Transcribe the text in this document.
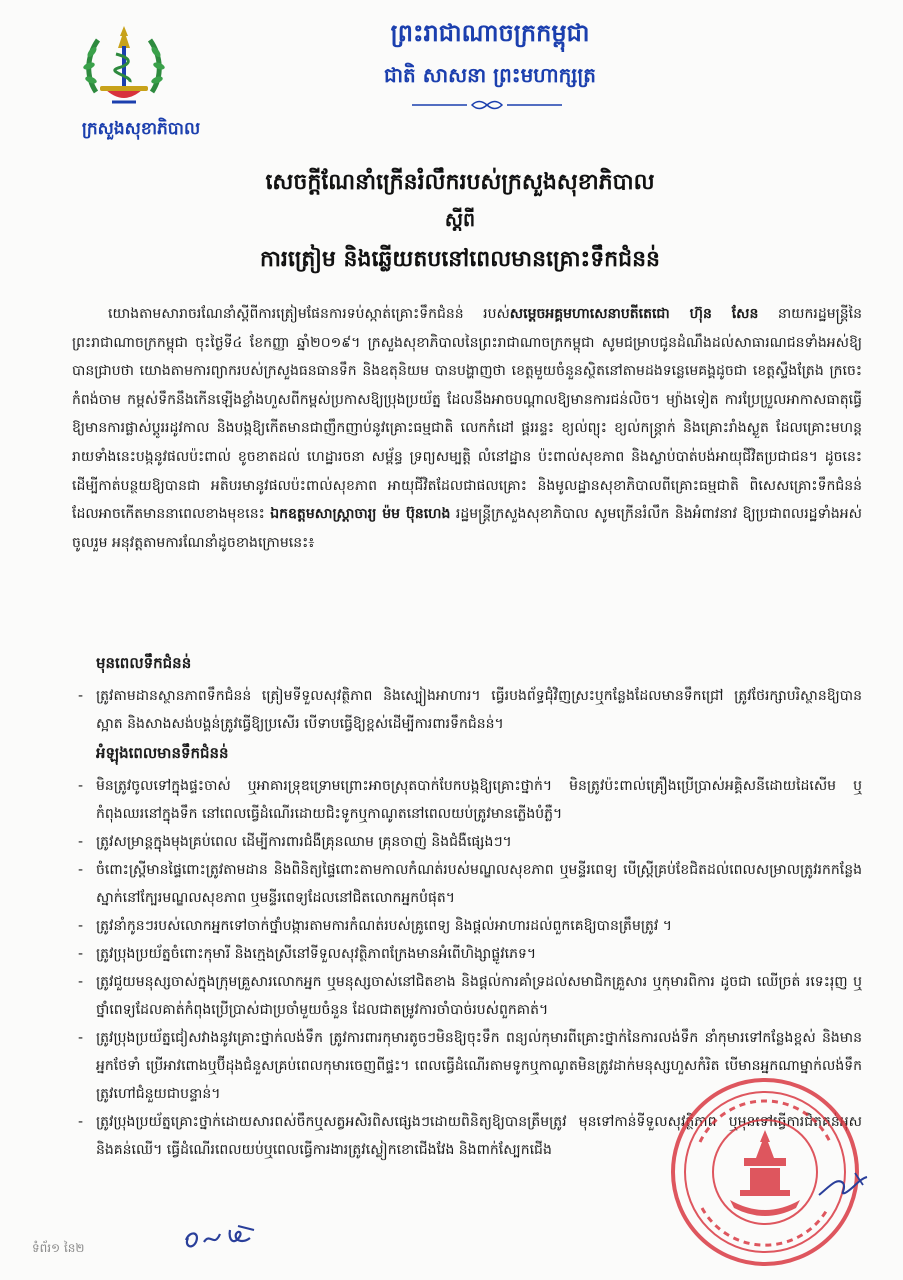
ក្រសួងសុខាភិបាល
ព្រះរាជាណាចក្រកម្ពុជា
ជាតិ សាសនា ព្រះមហាក្សត្រ
សេចក្តីណែនាំក្រើនរំលឹករបស់ក្រសួងសុខាភិបាល
ស្តីពី
ការត្រៀម និងឆ្លើយតបនៅពេលមានគ្រោះទឹកជំនន់
យោងតាមសារាចរណែនាំស្តីពីការត្រៀមផែនការទប់ស្កាត់គ្រោះទឹកជំនន់ របស់សម្តេចអគ្គមហាសេនាបតីតេជោ ហ៊ុន សែន នាយករដ្ឋមន្រ្តីនៃព្រះរាជាណាចក្រកម្ពុជា ចុះថ្ងៃទី៤ ខែកញ្ញា ឆ្នាំ២០១៩។ ក្រសួងសុខាភិបាលនៃព្រះរាជាណាចក្រកម្ពុជា សូមជម្រាបជូនដំណឹងដល់សាធារណជនទាំងអស់ឱ្យបានជ្រាបថា យោងតាមការព្យាករបស់ក្រសួងធនធានទឹក និងឧតុនិយម បានបង្ហាញថា ខេត្តមួយចំនួនស្ថិតនៅតាមដងទន្លេមេគង្គដូចជា ខេត្តស្ទឹងត្រែង ក្រចេះ កំពង់ចាម កម្ពស់ទឹកនឹងកើនឡើងខ្លាំងហួសពីកម្ពស់ប្រកាសឱ្យប្រុងប្រយ័ត្ន ដែលនឹងអាចបណ្តាលឱ្យមានការជន់លិច។ ម្យ៉ាងទៀត ការប្រែប្រួលអាកាសធាតុធ្វើឱ្យមានការផ្លាស់ប្តូររដូវកាល និងបង្កឱ្យកើតមានជាញឹកញាប់នូវគ្រោះធម្មជាតិ លេកកំដៅ ផ្គររន្ទះ ខ្យល់ព្យុះ ខ្យល់កន្ត្រាក់ និងគ្រោះរាំងស្ងួត ដែលគ្រោះមហន្តរាយទាំងនេះបង្កនូវផលប៉ះពាល់ ខូចខាតដល់ ហេដ្ឋារចនា សម្ព័ន្ធ ទ្រព្យសម្បត្តិ លំនៅដ្ឋាន ប៉ះពាល់សុខភាព និងស្លាប់បាត់បង់អាយុជីវិតប្រជាជន។ ដូចនេះដើម្បីកាត់បន្ថយឱ្យបានជា អតិបរមានូវផលប៉ះពាល់សុខភាព អាយុជីវិតដែលជាផលគ្រោះ និងមូលដ្ឋានសុខាភិបាលពីគ្រោះធម្មជាតិ ពិសេសគ្រោះទឹកជំនន់ ដែលអាចកើតមាននាពេលខាងមុខនេះ ឯកឧត្តមសាស្រ្តាចារ្យ ម៉ម ប៊ុនហេង រដ្ឋមន្ត្រីក្រសួងសុខាភិបាល សូមក្រើនរំលឹក និងអំពាវនាវ ឱ្យប្រជាពលរដ្ឋទាំងអស់ចូលរួម អនុវត្តតាមការណែនាំដូចខាងក្រោមនេះ៖
មុនពេលទឹកជំនន់
- ត្រូវតាមដានស្ថានភាពទឹកជំនន់ ត្រៀមទីទួលសុវត្ថិភាព និងស្បៀងអាហារ។ ធ្វើរបងព័ទ្ធជុំវិញស្រះឬកន្លែងដែលមានទឹកជ្រៅ ត្រូវថែរក្សាបរិស្ថានឱ្យបានស្អាត និងសាងសង់បង្គន់ត្រូវធ្វើឱ្យប្រសើរ បើទាបធ្វើឱ្យខ្ពស់ដើម្បីការពារទឹកជំនន់។
អំឡុងពេលមានទឹកជំនន់
- មិនត្រូវចូលទៅក្នុងផ្ទះចាស់ ឬអាគារទ្រុឌទ្រោមព្រោះអាចស្រុតបាក់បែកបង្កឱ្យគ្រោះថ្នាក់។ មិនត្រូវប៉ះពាល់គ្រឿងប្រើប្រាស់អគ្គិសនីដោយដៃសើម ឬកំពុងឈរនៅក្នុងទឹក នៅពេលធ្វើដំណើរដោយជិះទូកឬកាណូតនៅពេលយប់ត្រូវមានភ្លើងបំភ្លឺ។
- ត្រូវសម្រាន្តក្នុងមុងគ្រប់ពេល ដើម្បីការពារជំងឺគ្រុនឈាម គ្រុនចាញ់ និងជំងឺផ្សេងៗ។
- ចំពោះស្ត្រីមានផ្ទៃពោះត្រូវតាមដាន និងពិនិត្យផ្ទៃពោះតាមកាលកំណត់របស់មណ្ឌលសុខភាព ឬមន្ទីរពេទ្យ បើស្ត្រីគ្រប់ខែជិតដល់ពេលសម្រាលត្រូវរកកន្លែងស្នាក់នៅក្បែរមណ្ឌលសុខភាព ឬមន្ទីរពេទ្យដែលនៅជិតលោកអ្នកបំផុត។
- ត្រូវនាំកូនៗរបស់លោកអ្នកទៅចាក់ថ្នាំបង្ការតាមការកំណត់របស់គ្រូពេទ្យ និងផ្តល់អាហារដល់ពួកគេឱ្យបានត្រឹមត្រូវ ។
- ត្រូវប្រុងប្រយ័ត្នចំពោះកុមារី និងក្មេងស្រីនៅទីទួលសុវត្ថិភាពក្រែងមានអំពើហិង្សាផ្លូវភេទ។
- ត្រូវជួយមនុស្សចាស់ក្នុងក្រុមគ្រួសារលោកអ្នក ឬមនុស្សចាស់នៅជិតខាង និងផ្តល់ការគាំទ្រដល់សមាជិកគ្រួសារ ឬកុមារពិការ ដូចជា ឈើច្រត់ រទេះរុញ ឬថ្នាំពេទ្យដែលគាត់កំពុងប្រើប្រាស់ជាប្រចាំមួយចំនួន ដែលជាតម្រូវការចាំបាច់របស់ពួកគាត់។
- ត្រូវប្រុងប្រយ័ត្នជៀសវាងនូវគ្រោះថ្នាក់លង់ទឹក ត្រូវការពារកុមារតូចៗមិនឱ្យចុះទឹក ពន្យល់កុមារពីគ្រោះថ្នាក់នៃការលង់ទឹក នាំកុមារទៅកន្លែងខ្ពស់ និងមានអ្នកថែទាំ ប្រើអាវពោងឬប៊ីដុងជំនួសគ្រប់ពេលកុមារចេញពីផ្ទះ។ ពេលធ្វើដំណើរតាមទូកឬកាណូតមិនត្រូវដាក់មនុស្សហួសកំរិត បើមានអ្នកណាម្នាក់លង់ទឹកត្រូវហៅជំនួយជាបន្ទាន់។
- ត្រូវប្រុងប្រយ័ត្នគ្រោះថ្នាក់ដោយសារពស់ចឹកឬសត្វអសិរពិសផ្សេងៗដោយពិនិត្យឱ្យបានត្រឹមត្រូវ មុនទៅកាន់ទីទួលសុវត្ថិភាព ឬមុនទៅធ្វើការជិតគន់អុស និងគន់ឈើ។ ធ្វើដំណើរពេលយប់ឬពេលធ្វើការងារត្រូវស្លៀកខោជើងវែង និងពាក់ស្បែកជើង
ទំព័រ១ នៃ២
